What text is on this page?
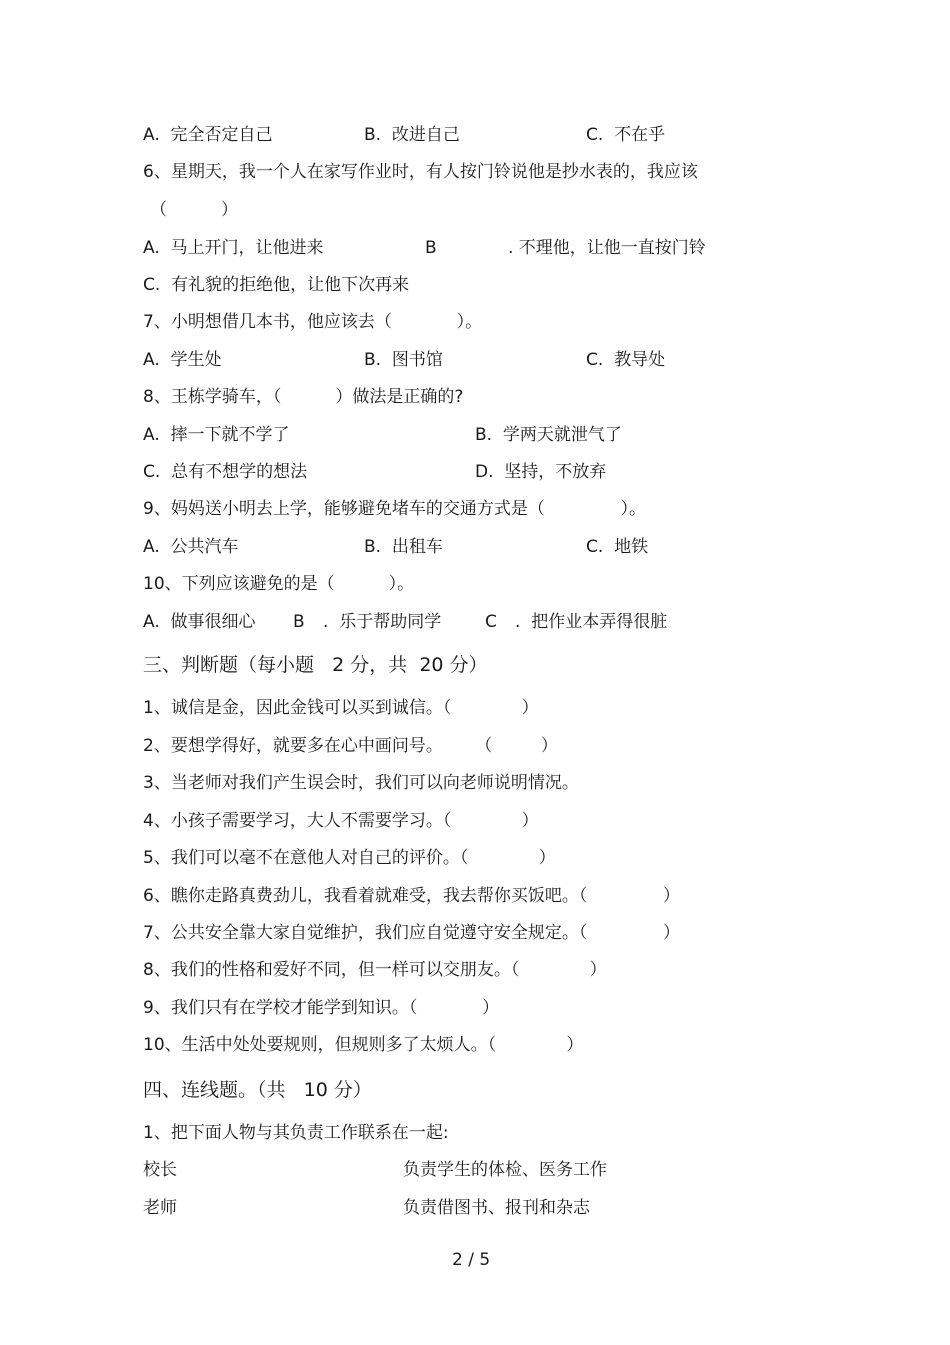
A.  完全否定自己	B.  改进自己	C.  不在乎
6、星期天，我一个人在家写作业时，有人按门铃说他是抄水表的，我应该
（          ）
A.  马上开门，让他进来	B	. 不理他，让他一直按门铃
C.  有礼貌的拒绝他，让他下次再来
7、小明想借几本书，他应该去（            ）。
A.  学生处	B.  图书馆	C.  教导处
8、王栋学骑车，（          ）做法是正确的?
A.  摔一下就不学了	B.  学两天就泄气了
C.  总有不想学的想法	D.  坚持，不放弃
9、妈妈送小明去上学，能够避免堵车的交通方式是（              ）。
A.  公共汽车	B.  出租车	C.  地铁
10、下列应该避免的是（          ）。
A.  做事很细心 B .  乐于帮助同学	C .  把作业本弄得很脏
三、判断题（每小题   2 分，共  20 分）
1、诚信是金，因此金钱可以买到诚信。（             ）
2、要想学得好，就要多在心中画问号。      （         ）
3、当老师对我们产生误会时，我们可以向老师说明情况。
4、小孩子需要学习，大人不需要学习。（             ）
5、我们可以毫不在意他人对自己的评价。（             ）
6、瞧你走路真费劲儿，我看着就难受，我去帮你买饭吧。（              ）
7、公共安全靠大家自觉维护，我们应自觉遵守安全规定。（              ）
8、我们的性格和爱好不同，但一样可以交朋友。（             ）
9、我们只有在学校才能学到知识。（            ）
10、生活中处处要规则，但规则多了太烦人。（             ）
四、连线题。（共   10 分）
1、把下面人物与其负责工作联系在一起:
校长	负责学生的体检、医务工作
老师	负责借图书、报刊和杂志
2 / 5
